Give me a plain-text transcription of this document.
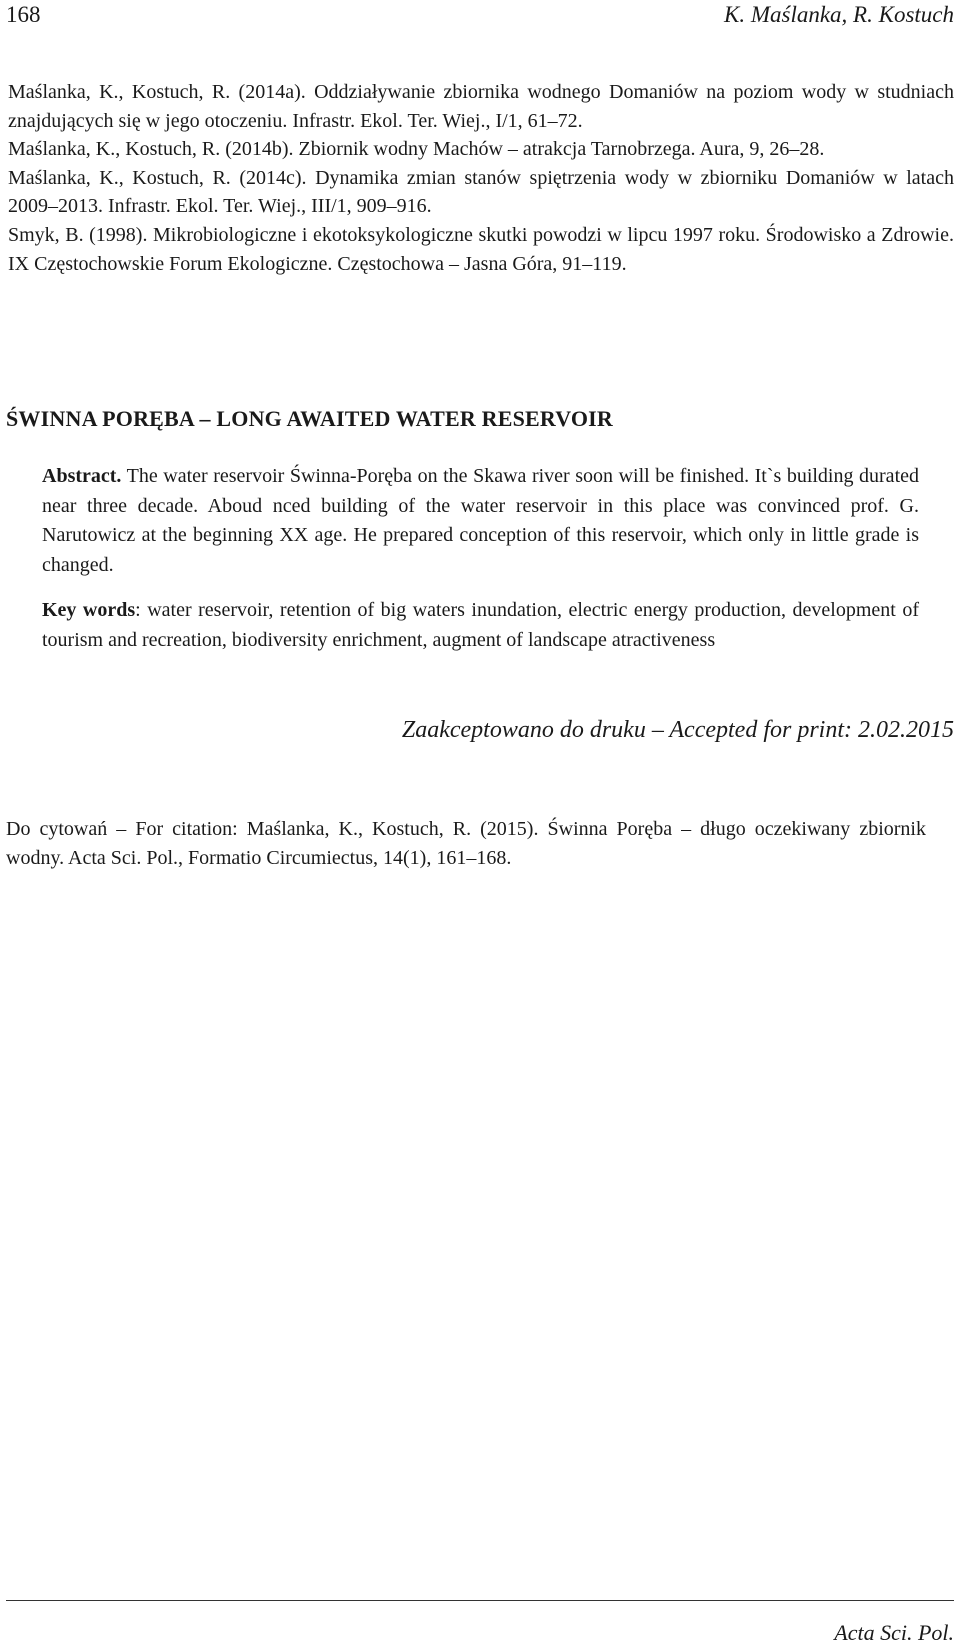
168	K. Maślanka, R. Kostuch

Maślanka, K., Kostuch, R. (2014a). Oddziaływanie zbiornika wodnego Domaniów na poziom wody w studniach znajdujących się w jego otoczeniu. Infrastr. Ekol. Ter. Wiej., I/1, 61–72.

Maślanka, K., Kostuch, R. (2014b). Zbiornik wodny Machów – atrakcja Tarnobrzega. Aura, 9, 26–28.

Maślanka, K., Kostuch, R. (2014c). Dynamika zmian stanów spiętrzenia wody w zbiorniku Domaniów w latach 2009–2013. Infrastr. Ekol. Ter. Wiej., III/1, 909–916.

Smyk, B. (1998). Mikrobiologiczne i ekotoksykologiczne skutki powodzi w lipcu 1997 roku. Środowisko a Zdrowie. IX Częstochowskie Forum Ekologiczne. Częstochowa – Jasna Góra, 91–119.

ŚWINNA PORĘBA – LONG AWAITED WATER RESERVOIR
Abstract. The water reservoir Świnna-Poręba on the Skawa river soon will be finished. It`s building durated near three decade. Aboud nced building of the water reservoir in this place was convinced prof. G. Narutowicz at the beginning XX age. He prepared conception of this reservoir, which only in little grade is changed.
Key words: water reservoir, retention of big waters inundation, electric energy production, development of tourism and recreation, biodiversity enrichment, augment of landscape atractiveness
Zaakceptowano do druku – Accepted for print: 2.02.2015
Do cytowań – For citation: Maślanka, K., Kostuch, R. (2015). Świnna Poręba – długo oczekiwany zbiornik wodny. Acta Sci. Pol., Formatio Circumiectus, 14(1), 161–168.
Acta Sci. Pol.
